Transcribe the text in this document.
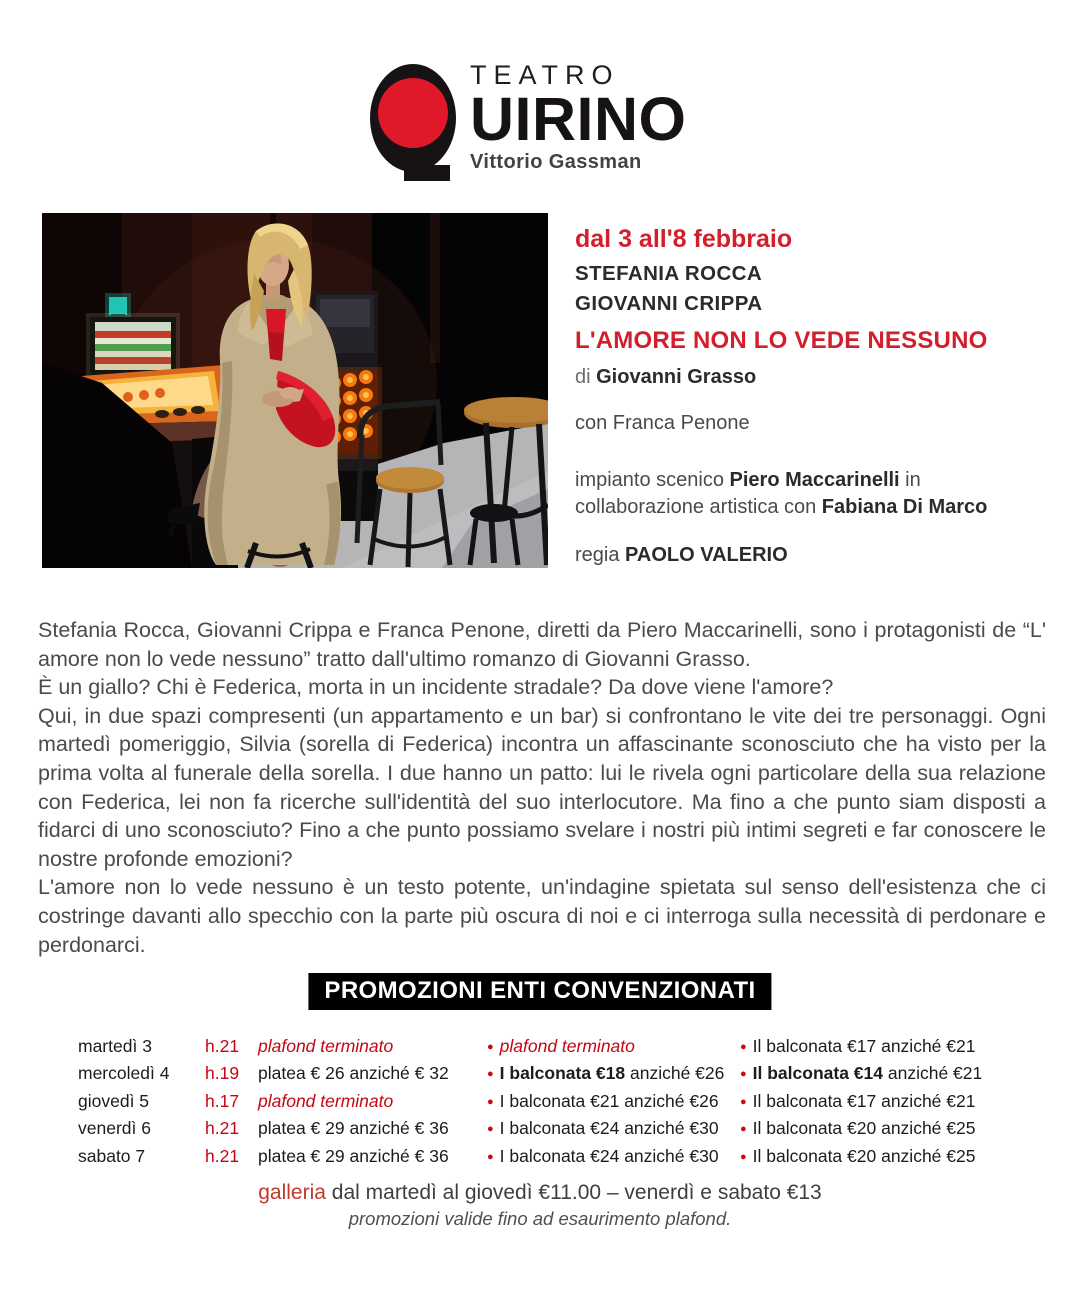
TEATRO
UIRINO
Vittorio Gassman
dal 3 all'8 febbraio
STEFANIA ROCCA
GIOVANNI CRIPPA
L'AMORE NON LO VEDE NESSUNO
di Giovanni Grasso
con Franca Penone
impianto scenico Piero Maccarinelli in collaborazione artistica con Fabiana Di Marco
regia PAOLO VALERIO

Stefania Rocca, Giovanni Crippa e Franca Penone, diretti da Piero Maccarinelli, sono i protagonisti de “L' amore non lo vede nessuno” tratto dall'ultimo romanzo di Giovanni Grasso.

È un giallo? Chi è Federica, morta in un incidente stradale? Da dove viene l'amore?

Qui, in due spazi compresenti (un appartamento e un bar) si confrontano le vite dei tre personaggi. Ogni martedì pomeriggio, Silvia (sorella di Federica) incontra un affascinante sconosciuto che ha visto per la prima volta al funerale della sorella. I due hanno un patto: lui le rivela ogni particolare della sua relazione con Federica, lei non fa ricerche sull'identità del suo interlocutore. Ma fino a che punto siam disposti a fidarci di uno sconosciuto? Fino a che punto possiamo svelare i nostri più intimi segreti e far conoscere le nostre profonde emozioni?

L'amore non lo vede nessuno è un testo potente, un'indagine spietata sul senso dell'esistenza che ci costringe davanti allo specchio con la parte più oscura di noi e ci interroga sulla necessità di perdonare e perdonarci.

PROMOZIONI ENTI CONVENZIONATI
martedì 3	h.21	plafond terminato	● plafond terminato	● Il balconata €17 anziché €21
mercoledì 4	h.19	platea € 26 anziché € 32	● I balconata €18 anziché €26 ● Il balconata €14 anziché €21
giovedì 5	h.17	plafond terminato	● I balconata €21 anziché €26 ● Il balconata €17 anziché €21
venerdì 6	h.21	platea € 29 anziché € 36	● I balconata €24 anziché €30 ● Il balconata €20 anziché €25
sabato 7	h.21	platea € 29 anziché € 36	● I balconata €24 anziché €30 ● Il balconata €20 anziché €25
galleria dal martedì al giovedì €11.00 – venerdì e sabato €13
promozioni valide fino ad esaurimento plafond.
